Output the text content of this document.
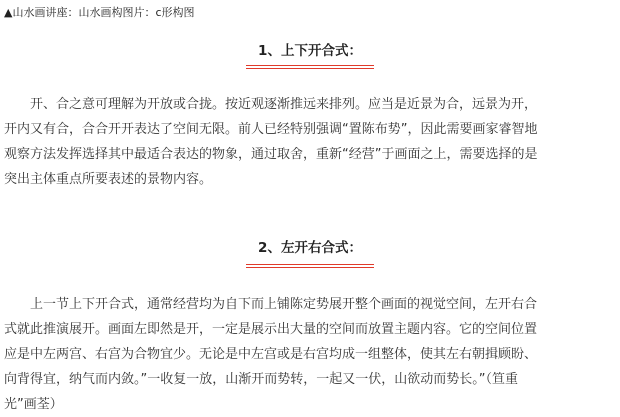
▲山水画讲座：山水画构图片：c形构图
1、上下开合式：
　　开、合之意可理解为开放或合拢。按近观逐渐推远来排列。应当是近景为合，远景为开，
开内又有合，合合开开表达了空间无限。前人已经特别强调“置陈布势”，因此需要画家睿智地
观察方法发挥选择其中最适合表达的物象，通过取舍，重新“经营”于画面之上，需要选择的是
突出主体重点所要表述的景物内容。
2、左开右合式：
　　上一节上下开合式，通常经营均为自下而上铺陈定势展开整个画面的视觉空间，左开右合
式就此推演展开。画面左即然是开，一定是展示出大量的空间而放置主题内容。它的空间位置
应是中左两宫、右宫为合物宜少。无论是中左宫或是右宫均成一组整体，使其左右朝揖顾盼、
向背得宜，纳气而内敛。”一收复一放，山渐开而势转，一起又一伏，山欲动而势长。”（笪重
光”画荃）
